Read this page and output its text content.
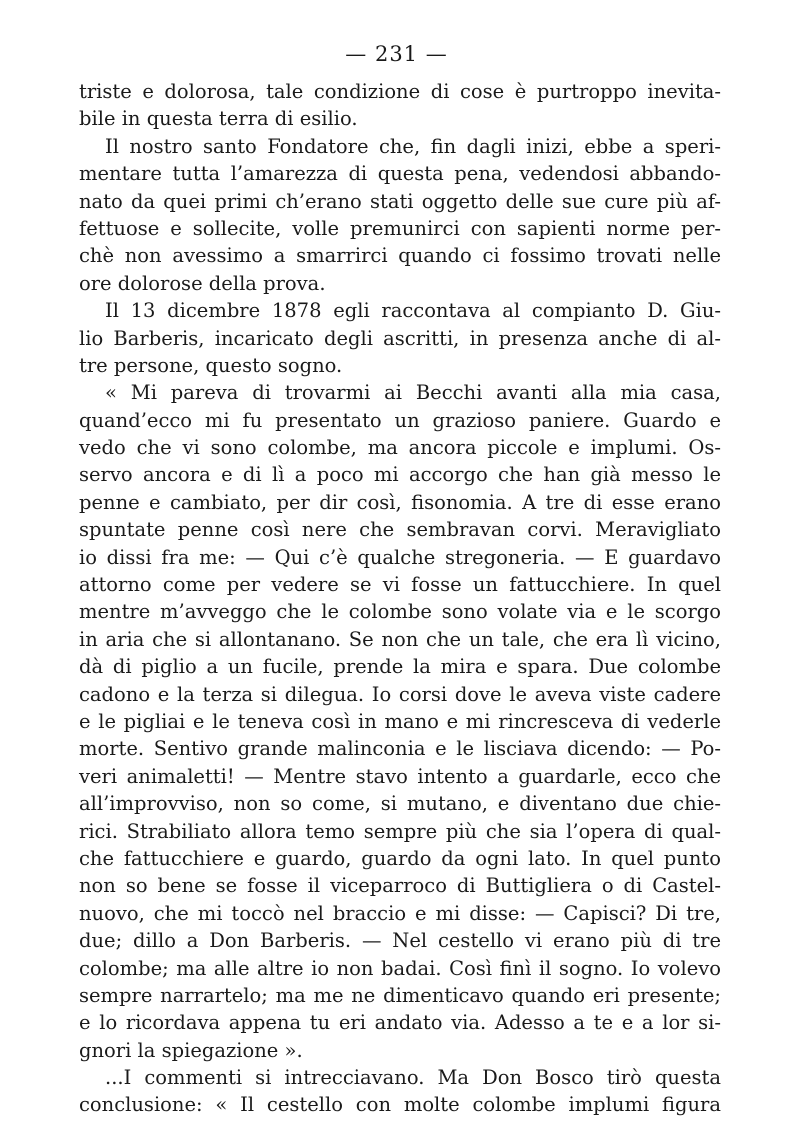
— 231 —
triste e dolorosa, tale condizione di cose è purtroppo inevita-
bile in questa terra di esilio.
Il nostro santo Fondatore che, fin dagli inizi, ebbe a speri-
mentare tutta l’amarezza di questa pena, vedendosi abbando-
nato da quei primi ch’erano stati oggetto delle sue cure più af-
fettuose e sollecite, volle premunirci con sapienti norme per-
chè non avessimo a smarrirci quando ci fossimo trovati nelle
ore dolorose della prova.
Il 13 dicembre 1878 egli raccontava al compianto D. Giu-
lio Barberis, incaricato degli ascritti, in presenza anche di al-
tre persone, questo sogno.
« Mi pareva di trovarmi ai Becchi avanti alla mia casa,
quand’ecco mi fu presentato un grazioso paniere. Guardo e
vedo che vi sono colombe, ma ancora piccole e implumi. Os-
servo ancora e di lì a poco mi accorgo che han già messo le
penne e cambiato, per dir così, fisonomia. A tre di esse erano
spuntate penne così nere che sembravan corvi. Meravigliato
io dissi fra me: — Qui c’è qualche stregoneria. — E guardavo
attorno come per vedere se vi fosse un fattucchiere. In quel
mentre m’avveggo che le colombe sono volate via e le scorgo
in aria che si allontanano. Se non che un tale, che era lì vicino,
dà di piglio a un fucile, prende la mira e spara. Due colombe
cadono e la terza si dilegua. Io corsi dove le aveva viste cadere
e le pigliai e le teneva così in mano e mi rincresceva di vederle
morte. Sentivo grande malinconia e le lisciava dicendo: — Po-
veri animaletti! — Mentre stavo intento a guardarle, ecco che
all’improvviso, non so come, si mutano, e diventano due chie-
rici. Strabiliato allora temo sempre più che sia l’opera di qual-
che fattucchiere e guardo, guardo da ogni lato. In quel punto
non so bene se fosse il viceparroco di Buttigliera o di Castel-
nuovo, che mi toccò nel braccio e mi disse: — Capisci? Di tre,
due; dillo a Don Barberis. — Nel cestello vi erano più di tre
colombe; ma alle altre io non badai. Così finì il sogno. Io volevo
sempre narrartelo; ma me ne dimenticavo quando eri presente;
e lo ricordava appena tu eri andato via. Adesso a te e a lor si-
gnori la spiegazione ».
...I commenti si intrecciavano. Ma Don Bosco tirò questa
conclusione: « Il cestello con molte colombe implumi figura
